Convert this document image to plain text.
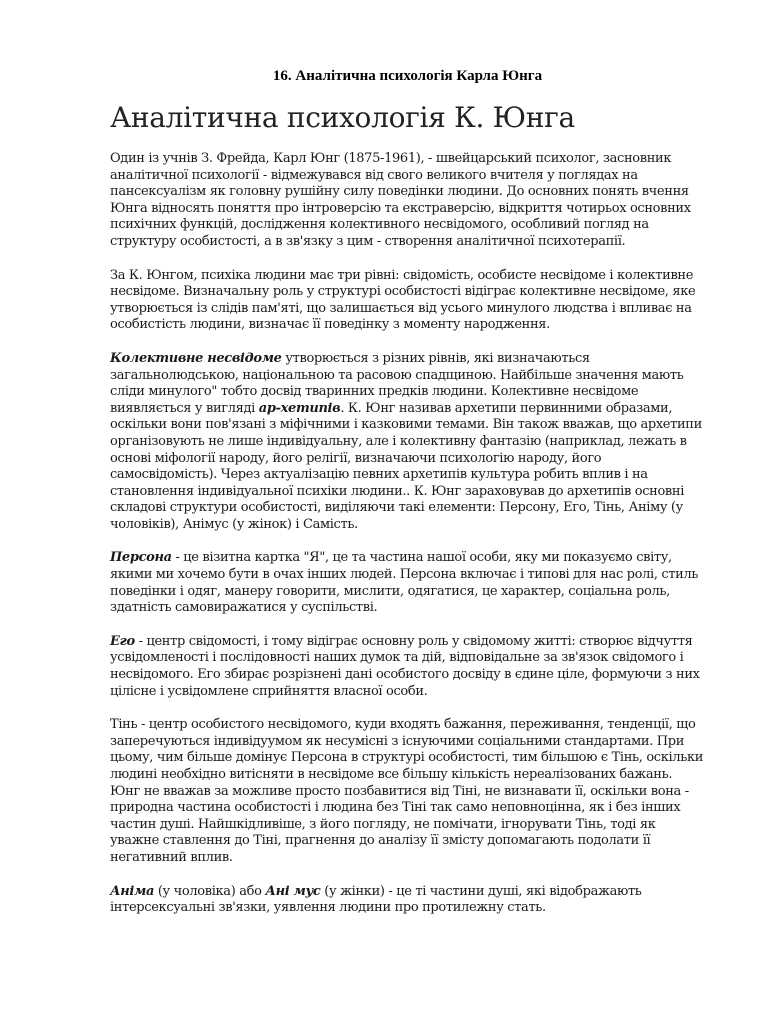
16. Аналітична психологія Карла Юнга
Аналітична психологія К. Юнга

Один із учнів З. Фрейда, Карл Юнг (1875-1961), - швейцарський психолог, засновник аналітичної психології - відмежувався від свого великого вчителя у поглядах на пансексуалізм як головну рушійну силу поведінки людини. До основних понять вчення Юнга відносять поняття про інтроверсію та екстраверсію, відкриття чотирьох основних психічних функцій, дослідження колективного несвідомого, особливий погляд на структуру особистості, а в зв'язку з цим - створення аналітичної психотерапії.

За К. Юнгом, психіка людини має три рівні: свідомість, особисте несвідоме і колективне несвідоме. Визначальну роль у структурі особистості відіграє колективне несвідоме, яке утворюється із слідів пам'яті, що залишається від усього минулого людства і впливає на особистість людини, визначає її поведінку з моменту народження.

Колективне несвідоме утворюється з різних рівнів, які визначаються загальнолюдською, національною та расовою спадщиною. Найбільше значення мають сліди минулого" тобто досвід тваринних предків людини. Колективне несвідоме виявляється у вигляді ар-хетипів. К. Юнг називав архетипи первинними образами, оскільки вони пов'язані з міфічними і казковими темами. Він також вважав, що архетипи організовують не лише індивідуальну, але і колективну фантазію (наприклад, лежать в основі міфології народу, його релігії, визначаючи психологію народу, його самосвідомість). Через актуалізацію певних архетипів культура робить вплив і на становлення індивідуальної психіки людини.. К. Юнг зараховував до архетипів основні складові структури особистості, виділяючи такі елементи: Персону, Его, Тінь, Аніму (у чоловіків), Анімус (у жінок) і Самість.

Персона - це візитна картка "Я", це та частина нашої особи, яку ми показуємо світу, якими ми хочемо бути в очах інших людей. Персона включає і типові для нас ролі, стиль поведінки і одяг, манеру говорити, мислити, одягатися, це характер, соціальна роль, здатність самовиражатися у суспільстві.

Его - центр свідомості, і тому відіграє основну роль у свідомому житті: створює відчуття усвідомленості і послідовності наших думок та дій, відповідальне за зв'язок свідомого і несвідомого. Его збирає розрізнені дані особистого досвіду в єдине ціле, формуючи з них цілісне і усвідомлене сприйняття власної особи.

Тінь - центр особистого несвідомого, куди входять бажання, переживання, тенденції, що заперечуються індивідуумом як несумісні з існуючими соціальними стандартами. При цьому, чим більше домінує Персона в структурі особистості, тим більшою є Тінь, оскільки людині необхідно витісняти в несвідоме все більшу кількість нереалізованих бажань. Юнг не вважав за можливе просто позбавитися від Тіні, не визнавати її, оскільки вона - природна частина особистості і людина без Тіні так само неповноцінна, як і без інших частин душі. Найшкідливіше, з його погляду, не помічати, ігнорувати Тінь, тоді як уважне ставлення до Тіні, прагнення до аналізу її змісту допомагають подолати її негативний вплив.

Аніма (у чоловіка) або Ані мус (у жінки) - це ті частини душі, які відображають інтерсексуальні зв'язки, уявлення людини про протилежну стать.
